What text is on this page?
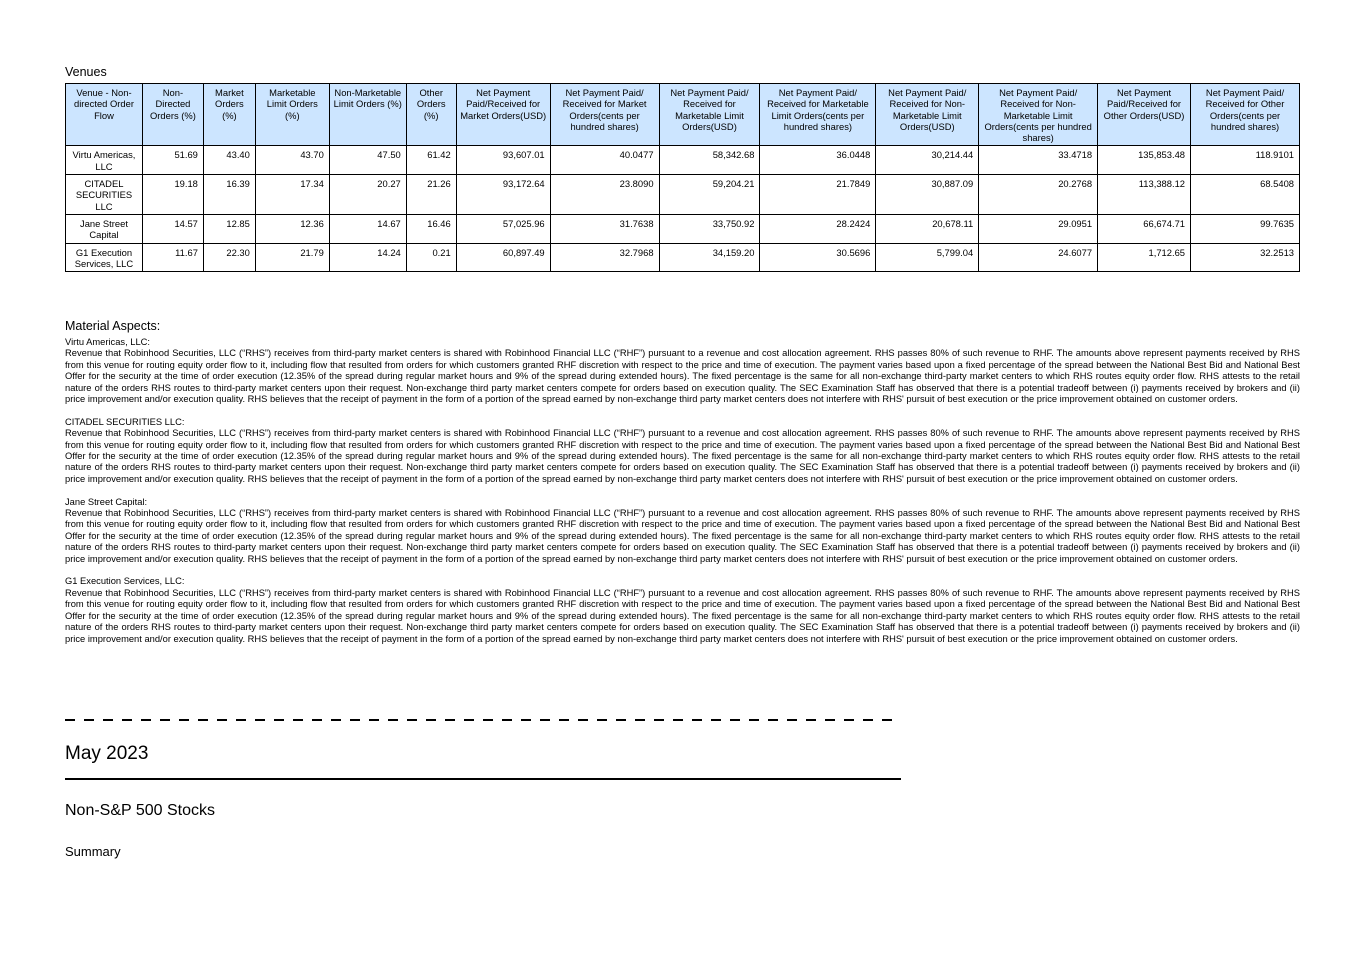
Venues
Venue - Non-directed Order Flow	Non-Directed Orders (%)	Market Orders (%)	Marketable Limit Orders (%)	Non-Marketable Limit Orders (%)	Other Orders (%)	Net Payment Paid/Received for Market Orders(USD)	Net Payment Paid/ Received for Market Orders(cents per hundred shares)	Net Payment Paid/ Received for Marketable Limit Orders(USD)	Net Payment Paid/ Received for Marketable Limit Orders(cents per hundred shares)	Net Payment Paid/ Received for Non-Marketable Limit Orders(USD)	Net Payment Paid/ Received for Non-Marketable Limit Orders(cents per hundred shares)	Net Payment Paid/Received for Other Orders(USD)	Net Payment Paid/ Received for Other Orders(cents per hundred shares)
Virtu Americas, LLC	51.69	43.40	43.70	47.50	61.42	93,607.01	40.0477	58,342.68	36.0448	30,214.44	33.4718	135,853.48	118.9101
CITADEL SECURITIES LLC	19.18	16.39	17.34	20.27	21.26	93,172.64	23.8090	59,204.21	21.7849	30,887.09	20.2768	113,388.12	68.5408
Jane Street Capital	14.57	12.85	12.36	14.67	16.46	57,025.96	31.7638	33,750.92	28.2424	20,678.11	29.0951	66,674.71	99.7635
G1 Execution Services, LLC	11.67	22.30	21.79	14.24	0.21	60,897.49	32.7968	34,159.20	30.5696	5,799.04	24.6077	1,712.65	32.2513
Material Aspects:
Virtu Americas, LLC:
Revenue that Robinhood Securities, LLC (“RHS”) receives from third-party market centers is shared with Robinhood Financial LLC (“RHF”) pursuant to a revenue and cost allocation agreement. RHS passes 80% of such revenue to RHF. The amounts above represent payments received by RHS from this venue for routing equity order flow to it, including flow that resulted from orders for which customers granted RHF discretion with respect to the price and time of execution. The payment varies based upon a fixed percentage of the spread between the National Best Bid and National Best Offer for the security at the time of order execution (12.35% of the spread during regular market hours and 9% of the spread during extended hours). The fixed percentage is the same for all non-exchange third-party market centers to which RHS routes equity order flow. RHS attests to the retail nature of the orders RHS routes to third-party market centers upon their request. Non-exchange third party market centers compete for orders based on execution quality. The SEC Examination Staff has observed that there is a potential tradeoff between (i) payments received by brokers and (ii) price improvement and/or execution quality. RHS believes that the receipt of payment in the form of a portion of the spread earned by non-exchange third party market centers does not interfere with RHS' pursuit of best execution or the price improvement obtained on customer orders.
CITADEL SECURITIES LLC:
Revenue that Robinhood Securities, LLC (“RHS”) receives from third-party market centers is shared with Robinhood Financial LLC (“RHF”) pursuant to a revenue and cost allocation agreement. RHS passes 80% of such revenue to RHF. The amounts above represent payments received by RHS from this venue for routing equity order flow to it, including flow that resulted from orders for which customers granted RHF discretion with respect to the price and time of execution. The payment varies based upon a fixed percentage of the spread between the National Best Bid and National Best Offer for the security at the time of order execution (12.35% of the spread during regular market hours and 9% of the spread during extended hours). The fixed percentage is the same for all non-exchange third-party market centers to which RHS routes equity order flow. RHS attests to the retail nature of the orders RHS routes to third-party market centers upon their request. Non-exchange third party market centers compete for orders based on execution quality. The SEC Examination Staff has observed that there is a potential tradeoff between (i) payments received by brokers and (ii) price improvement and/or execution quality. RHS believes that the receipt of payment in the form of a portion of the spread earned by non-exchange third party market centers does not interfere with RHS' pursuit of best execution or the price improvement obtained on customer orders.
Jane Street Capital:
Revenue that Robinhood Securities, LLC (“RHS”) receives from third-party market centers is shared with Robinhood Financial LLC (“RHF”) pursuant to a revenue and cost allocation agreement. RHS passes 80% of such revenue to RHF. The amounts above represent payments received by RHS from this venue for routing equity order flow to it, including flow that resulted from orders for which customers granted RHF discretion with respect to the price and time of execution. The payment varies based upon a fixed percentage of the spread between the National Best Bid and National Best Offer for the security at the time of order execution (12.35% of the spread during regular market hours and 9% of the spread during extended hours). The fixed percentage is the same for all non-exchange third-party market centers to which RHS routes equity order flow. RHS attests to the retail nature of the orders RHS routes to third-party market centers upon their request. Non-exchange third party market centers compete for orders based on execution quality. The SEC Examination Staff has observed that there is a potential tradeoff between (i) payments received by brokers and (ii) price improvement and/or execution quality. RHS believes that the receipt of payment in the form of a portion of the spread earned by non-exchange third party market centers does not interfere with RHS' pursuit of best execution or the price improvement obtained on customer orders.
G1 Execution Services, LLC:
Revenue that Robinhood Securities, LLC (“RHS”) receives from third-party market centers is shared with Robinhood Financial LLC (“RHF”) pursuant to a revenue and cost allocation agreement. RHS passes 80% of such revenue to RHF. The amounts above represent payments received by RHS from this venue for routing equity order flow to it, including flow that resulted from orders for which customers granted RHF discretion with respect to the price and time of execution. The payment varies based upon a fixed percentage of the spread between the National Best Bid and National Best Offer for the security at the time of order execution (12.35% of the spread during regular market hours and 9% of the spread during extended hours). The fixed percentage is the same for all non-exchange third-party market centers to which RHS routes equity order flow. RHS attests to the retail nature of the orders RHS routes to third-party market centers upon their request. Non-exchange third party market centers compete for orders based on execution quality. The SEC Examination Staff has observed that there is a potential tradeoff between (i) payments received by brokers and (ii) price improvement and/or execution quality. RHS believes that the receipt of payment in the form of a portion of the spread earned by non-exchange third party market centers does not interfere with RHS' pursuit of best execution or the price improvement obtained on customer orders.
May 2023
Non-S&P 500 Stocks
Summary
